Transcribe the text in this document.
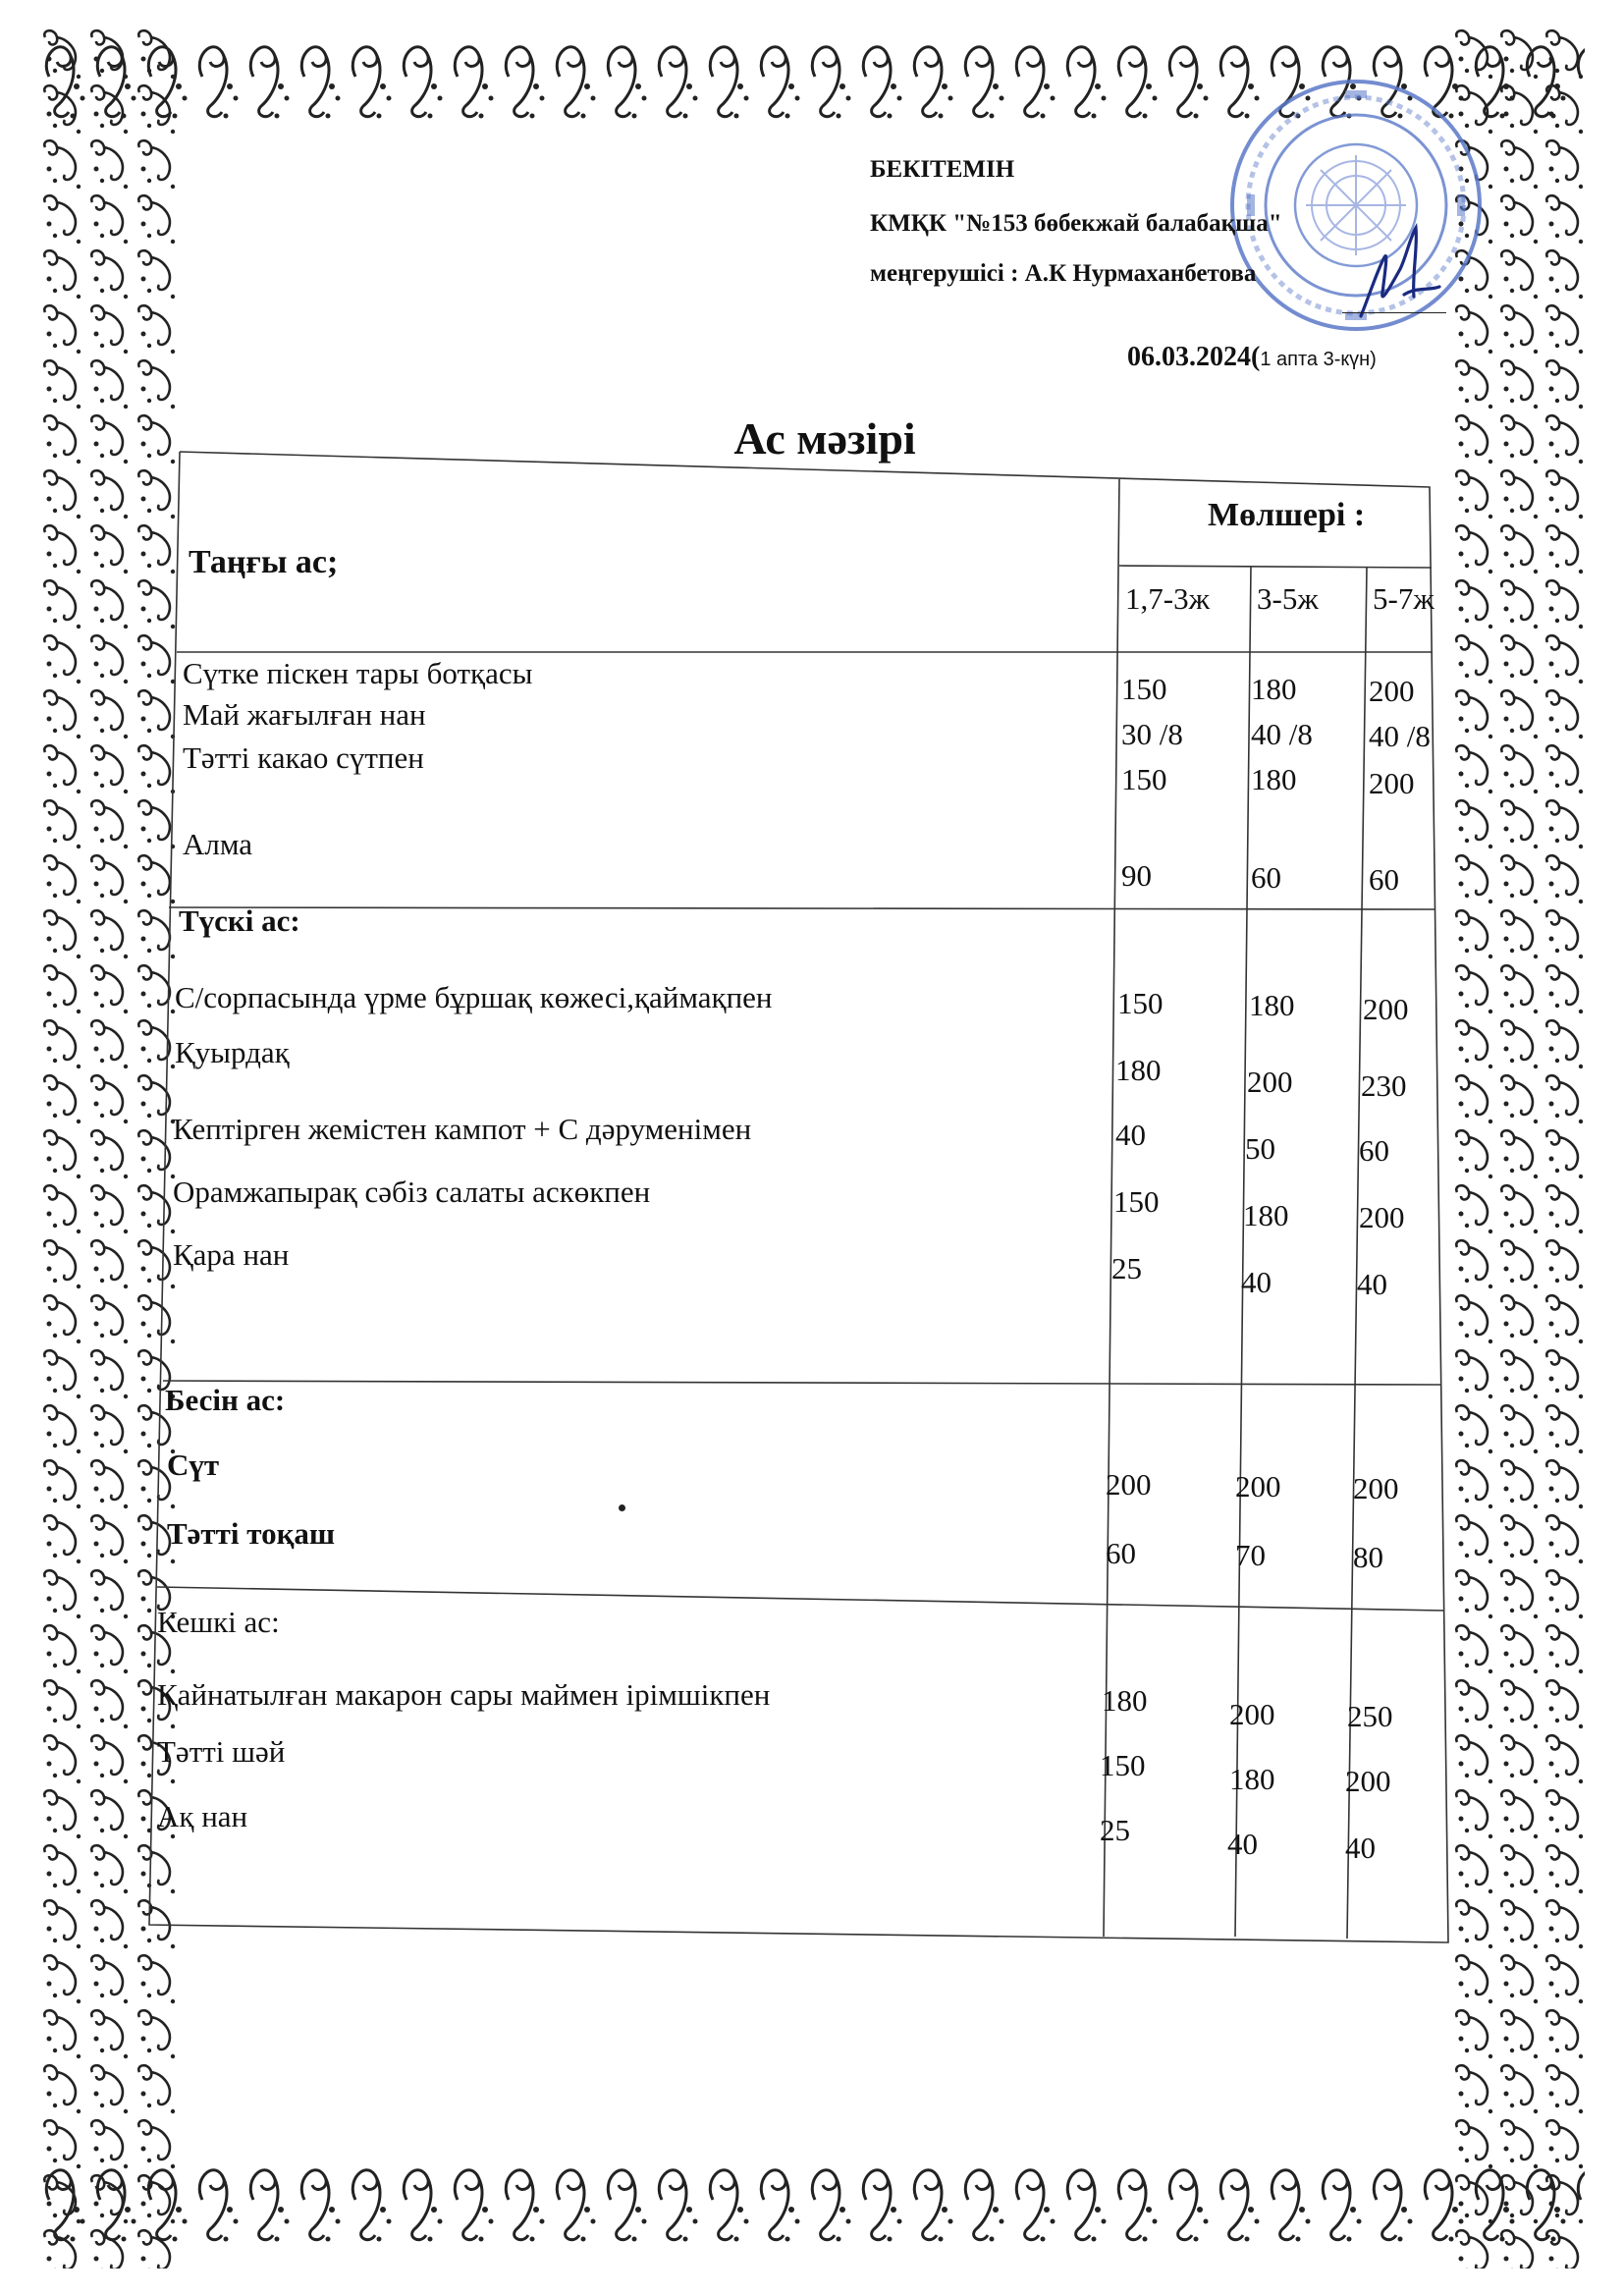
БЕКІТЕМІН
КМҚК "№153 бөбекжай балабақша"
меңгерушісі : А.К Нурмаханбетова
06.03.2024(1 апта 3-күн)
Ас мәзірі
Таңғы ас;
Мөлшері :
1,7-3ж 3-5ж 5-7ж
Сүтке піскен тары ботқасы
Май жағылған нан
Тәтті какао сүтпен
Алма
150
30 /8
150
90
180
40 /8
180
60
200
40 /8
200
60
Түскі ас:
С/сорпасында үрме бұршақ көжесі,қаймақпен
Қуырдақ
Кептірген жемістен кампот + С дәруменімен
Орамжапырақ сәбіз салаты аскөкпен
Қара нан
150
180
40
150
25
180
200
50
180
40
200
230
60
200
40
Бесін ас:
Сүт
Тәтті тоқаш
200
60
200
70
200
80
Кешкі ас:
Қайнатылған макарон сары маймен ірімшікпен
Тәтті шәй
Ақ нан
180
150
25
200
180
40
250
200
40
